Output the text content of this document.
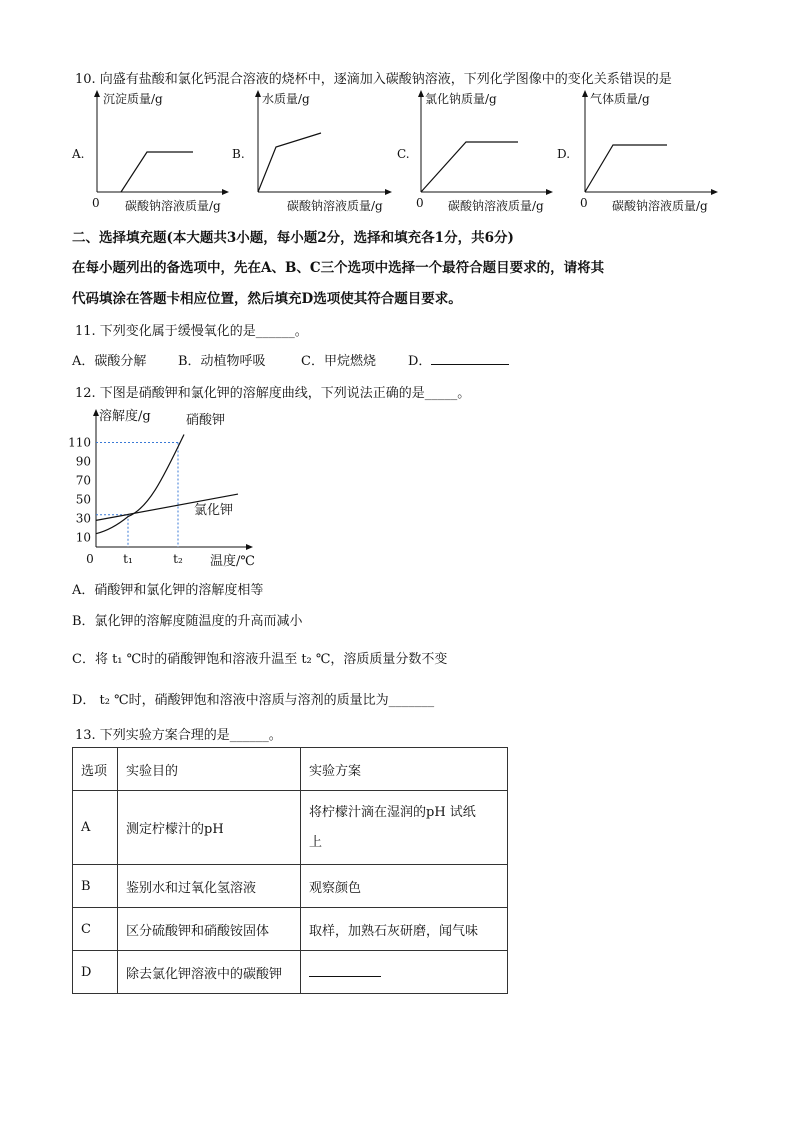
10. 向盛有盐酸和氯化钙混合溶液的烧杯中，逐滴加入碳酸钠溶液，下列化学图像中的变化关系错误的是
沉淀质量/g
A.
0 碳酸钠溶液质量/g
水质量/g
B.
碳酸钠溶液质量/g
氯化钠质量/g
C.
0 碳酸钠溶液质量/g
气体质量/g
D.
0 碳酸钠溶液质量/g
二、选择填充题(本大题共3小题，每小题2分，选择和填充各1分，共6分)
在每小题列出的备选项中，先在A、B、C三个选项中选择一个最符合题目要求的，请将其
代码填涂在答题卡相应位置，然后填充D选项使其符合题目要求。
11. 下列变化属于缓慢氧化的是______。
A．碳酸分解 B．动植物呼吸	C．甲烷燃烧 D．
12. 下图是硝酸钾和氯化钾的溶解度曲线，下列说法正确的是_____。
10
30
50
70
90
110
0 t₁	t₂
硝酸钾
氯化钾
溶解度/g
温度/℃
A．硝酸钾和氯化钾的溶解度相等
B．氯化钾的溶解度随温度的升高而减小
C．将 t₁ ℃时的硝酸钾饱和溶液升温至 t₂ ℃，溶质质量分数不变
D． t₂ ℃时，硝酸钾饱和溶液中溶质与溶剂的质量比为_______
13. 下列实验方案合理的是______。
选项	实验目的	实验方案
A	测定柠檬汁的pH	将柠檬汁滴在湿润的pH 试纸
上

B	鉴别水和过氧化氢溶液	观察颜色
C	区分硫酸钾和硝酸铵固体	取样，加熟石灰研磨，闻气味
D	除去氯化钾溶液中的碳酸钾	
